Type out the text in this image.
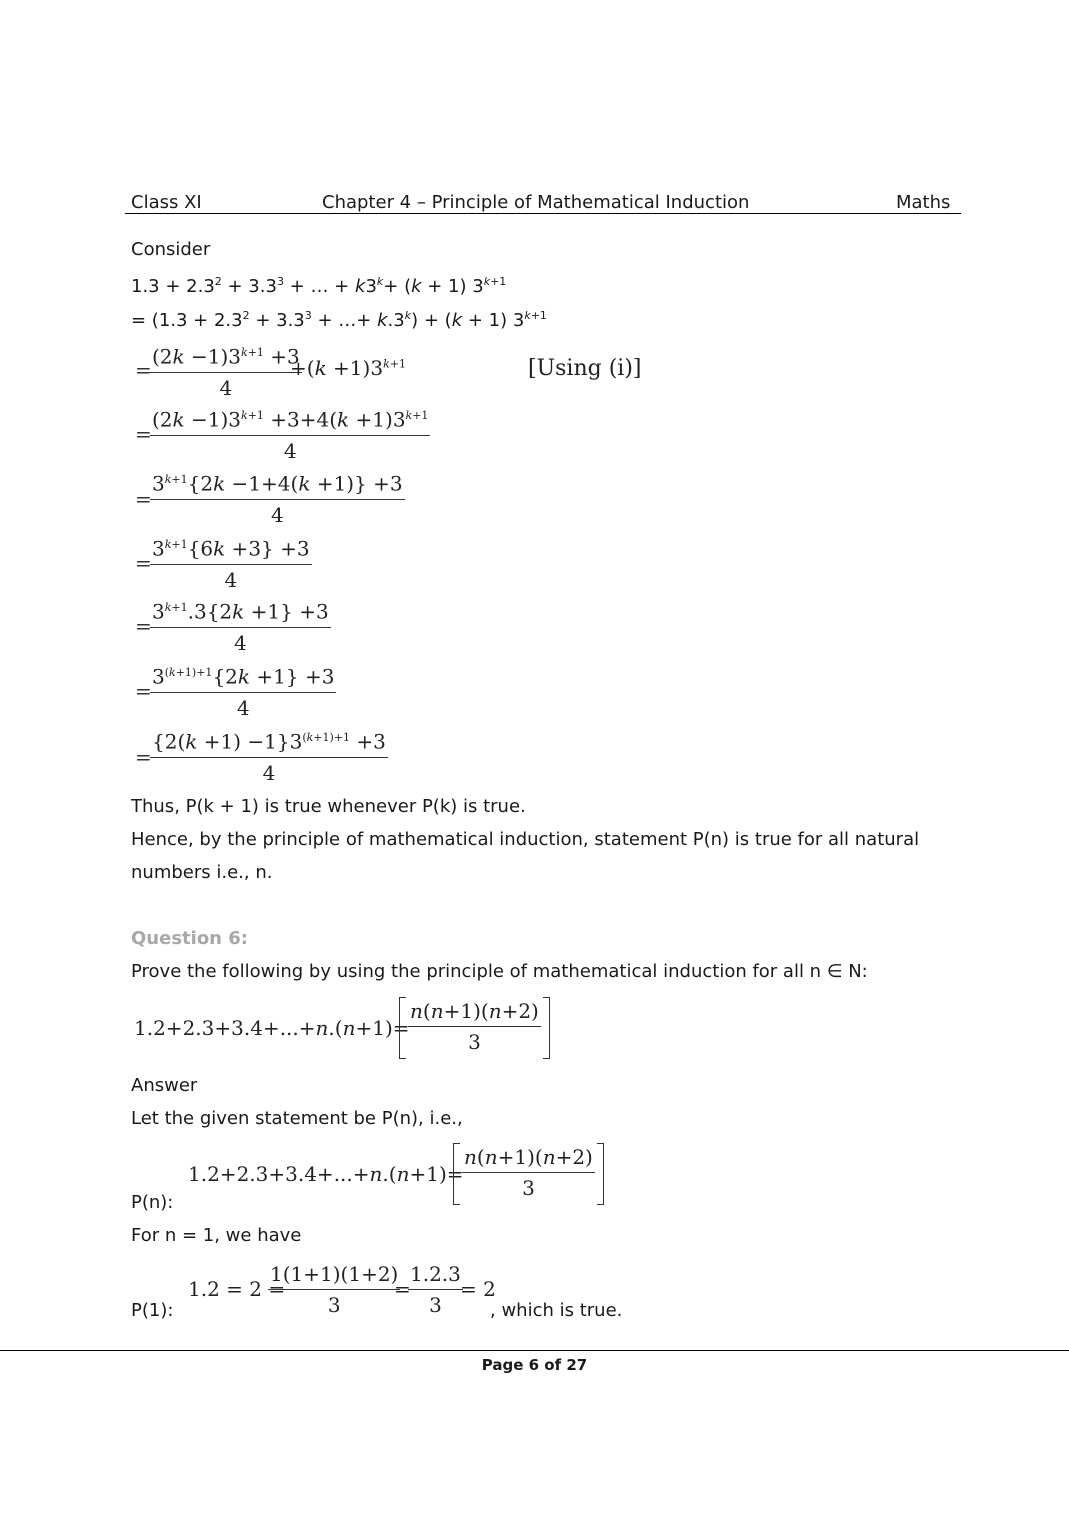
Class XI	Chapter 4 – Principle of Mathematical Induction	Maths
Consider
$1.3 + 2.3^2 + 3.3^3$ + … + $k3^k+ (k + 1)$ $3^{k+1}$
= ($1.3 + 2.3^2 + 3.3^3$ + …+ $k.3^k) + (k + 1)$ $3^{k+1}$
=
$\frac{(2k -1)3^{k+1} +3}{4}$
$+(k +1)3^{k+1}$	[Using (i)]
=
$\frac{(2k -1)3^{k+1} +3+4(k +1)3^{k+1}}{4}$
=
$\frac{3^{k+1}\{2k -1+4(k +1)\} +3}{4}$
=
$\frac{3^{k+1}\{6k +3\} +3}{4}$
=
$\frac{3^{k+1}.3\{2k +1\} +3}{4}$
=
$\frac{3^{(k+1)+1}\{2k +1\} +3}{4}$
=
$\frac{\{2(k +1) -1\}3^{(k+1)+1} +3}{4}$
Thus, P(k + 1) is true whenever P(k) is true.
Hence, by the principle of mathematical induction, statement P(n) is true for all natural
numbers i.e., n.
Question 6:
Prove the following by using the principle of mathematical induction for all n ∈ N:
1.2+2.3+3.4+...+n.(n+1)=
$\frac{n(n+1)(n+2)}{3}$
Answer
Let the given statement be P(n), i.e.,
1.2+2.3+3.4+...+n.(n+1)=
$\frac{n(n+1)(n+2)}{3}$
P(n):
For n = 1, we have
1.2 = 2 =
$\frac{1(1+1)(1+2)}{3}$
=
$\frac{1.2.3}{3}$
= 2
P(1):	, which is true.
Page 6 of 27
